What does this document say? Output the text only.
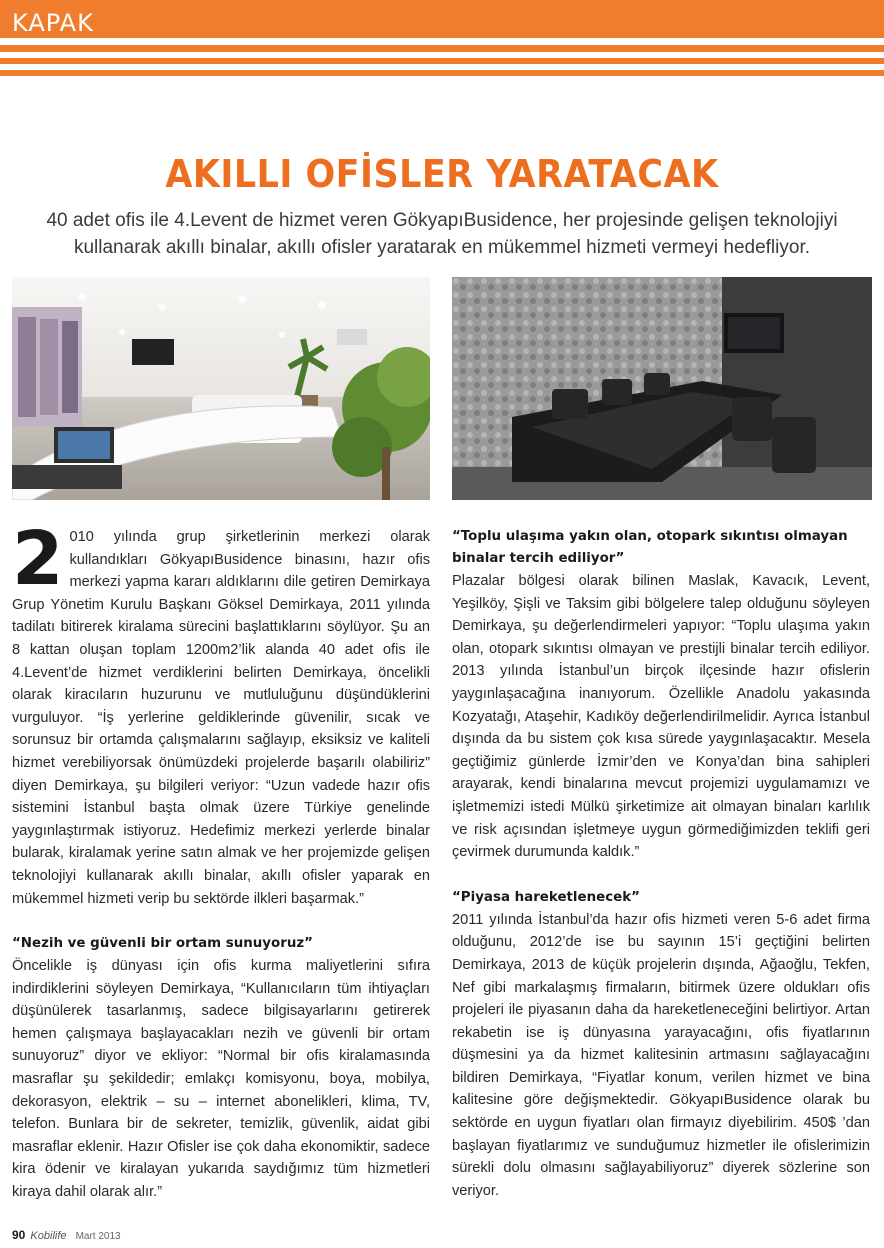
KAPAK
AKILLI OFİSLER YARATACAK
40 adet ofis ile 4.Levent de hizmet veren GökyapıBusidence, her projesinde gelişen teknolojiyi kullanarak akıllı binalar, akıllı ofisler yaratarak en mükemmel hizmeti vermeyi hedefliyor.
2 010 yılında grup şirketlerinin merkezi olarak kullandıkları GökyapıBusidence binasını, hazır ofis merkezi yapma kararı aldıklarını dile getiren Demirkaya Grup Yönetim Kurulu Başkanı Göksel Demirkaya, 2011 yılında tadilatı bitirerek kiralama sürecini başlattıklarını söylüyor. Şu an 8 kattan oluşan toplam 1200m2’lik alanda 40 adet ofis ile 4.Levent’de hizmet verdiklerini belirten Demirkaya, öncelikli olarak kiracıların huzurunu ve mutluluğunu düşündüklerini vurguluyor. “İş yerlerine geldiklerinde güvenilir, sıcak ve sorunsuz bir ortamda çalışmalarını sağlayıp, eksiksiz ve kaliteli hizmet verebiliyorsak önümüzdeki projelerde başarılı olabiliriz” diyen Demirkaya, şu bilgileri veriyor: “Uzun vadede hazır ofis sistemini İstanbul başta olmak üzere Türkiye genelinde yaygınlaştırmak istiyoruz. Hedefimiz merkezi yerlerde binalar bularak, kiralamak yerine satın almak ve her projemizde gelişen teknolojiyi kullanarak akıllı binalar, akıllı ofisler yaparak en mükemmel hizmeti verip bu sektörde ilkleri başarmak.”

“Nezih ve güvenli bir ortam sunuyoruz”

Öncelikle iş dünyası için ofis kurma maliyetlerini sıfıra indirdiklerini söyleyen Demirkaya, “Kullanıcıların tüm ihtiyaçları düşünülerek tasarlanmış, sadece bilgisayarlarını getirerek hemen çalışmaya başlayacakları nezih ve güvenli bir ortam sunuyoruz” diyor ve ekliyor: “Normal bir ofis kiralamasında masraflar şu şekildedir; emlakçı komisyonu, boya, mobilya, dekorasyon, elektrik – su – internet abonelikleri, klima, TV, telefon. Bunlara bir de sekreter, temizlik, güvenlik, aidat gibi masraflar eklenir. Hazır Ofisler ise çok daha ekonomiktir, sadece kira ödenir ve kiralayan yukarıda saydığımız tüm hizmetleri kiraya dahil olarak alır.”

“Toplu ulaşıma yakın olan, otopark sıkıntısı olmayan binalar tercih ediliyor”

Plazalar bölgesi olarak bilinen Maslak, Kavacık, Levent, Yeşilköy, Şişli ve Taksim gibi bölgelere talep olduğunu söyleyen Demirkaya, şu değerlendirmeleri yapıyor: “Toplu ulaşıma yakın olan, otopark sıkıntısı olmayan ve prestijli binalar tercih ediliyor. 2013 yılında İstanbul’un birçok ilçesinde hazır ofislerin yaygınlaşacağına inanıyorum. Özellikle Anadolu yakasında Kozyatağı, Ataşehir, Kadıköy değerlendirilmelidir. Ayrıca İstanbul dışında da bu sistem çok kısa sürede yaygınlaşacaktır. Mesela geçtiğimiz günlerde İzmir’den ve Konya’dan bina sahipleri arayarak, kendi binalarına mevcut projemizi uygulamamızı ve işletmemizi istedi Mülkü şirketimize ait olmayan binaları karlılık ve risk açısından işletmeye uygun görmediğimizden teklifi geri çevirmek durumunda kaldık.”

“Piyasa hareketlenecek”

2011 yılında İstanbul’da hazır ofis hizmeti veren 5-6 adet firma olduğunu, 2012’de ise bu sayının 15’i geçtiğini belirten Demirkaya, 2013 de küçük projelerin dışında, Ağaoğlu, Tekfen, Nef gibi markalaşmış firmaların, bitirmek üzere oldukları ofis projeleri ile piyasanın daha da hareketleneceğini belirtiyor. Artan rekabetin ise iş dünyasına yarayacağını, ofis fiyatlarının düşmesini ya da hizmet kalitesinin artmasını sağlayacağını bildiren Demirkaya, “Fiyatlar konum, verilen hizmet ve bina kalitesine göre değişmektedir. GökyapıBusidence olarak bu sektörde en uygun fiyatları olan firmayız diyebilirim. 450$ ’dan başlayan fiyatlarımız ve sunduğumuz hizmetler ile ofislerimizin sürekli dolu olmasını sağlayabiliyoruz” diyerek sözlerine son veriyor.

90 Kobilife Mart 2013
